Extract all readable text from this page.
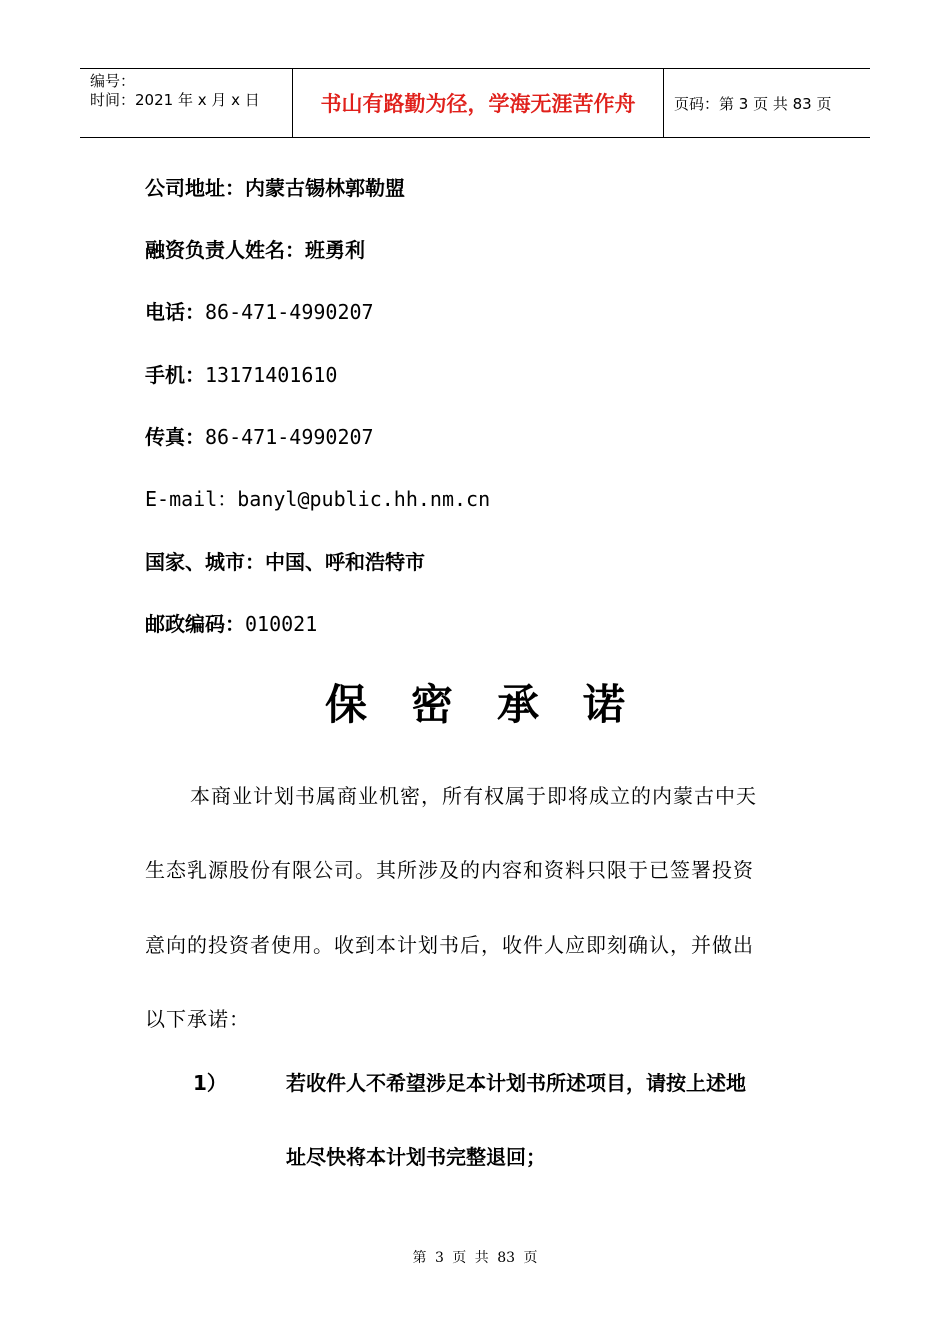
编号：
时间：2021 年 x 月 x 日	书山有路勤为径，学海无涯苦作舟	页码：第 3 页 共 83 页
公司地址：内蒙古锡林郭勒盟
融资负责人姓名：班勇利
电话：86-471-4990207
手机：13171401610
传真：86-471-4990207
E-mail：banyl@public.hh.nm.cn
国家、城市：中国、呼和浩特市
邮政编码：010021
保密承诺
本商业计划书属商业机密，所有权属于即将成立的内蒙古中天
生态乳源股份有限公司。其所涉及的内容和资料只限于已签署投资
意向的投资者使用。收到本计划书后，收件人应即刻确认，并做出
以下承诺：
1）	若收件人不希望涉足本计划书所述项目，请按上述地
址尽快将本计划书完整退回；
第 3 页 共 83 页
